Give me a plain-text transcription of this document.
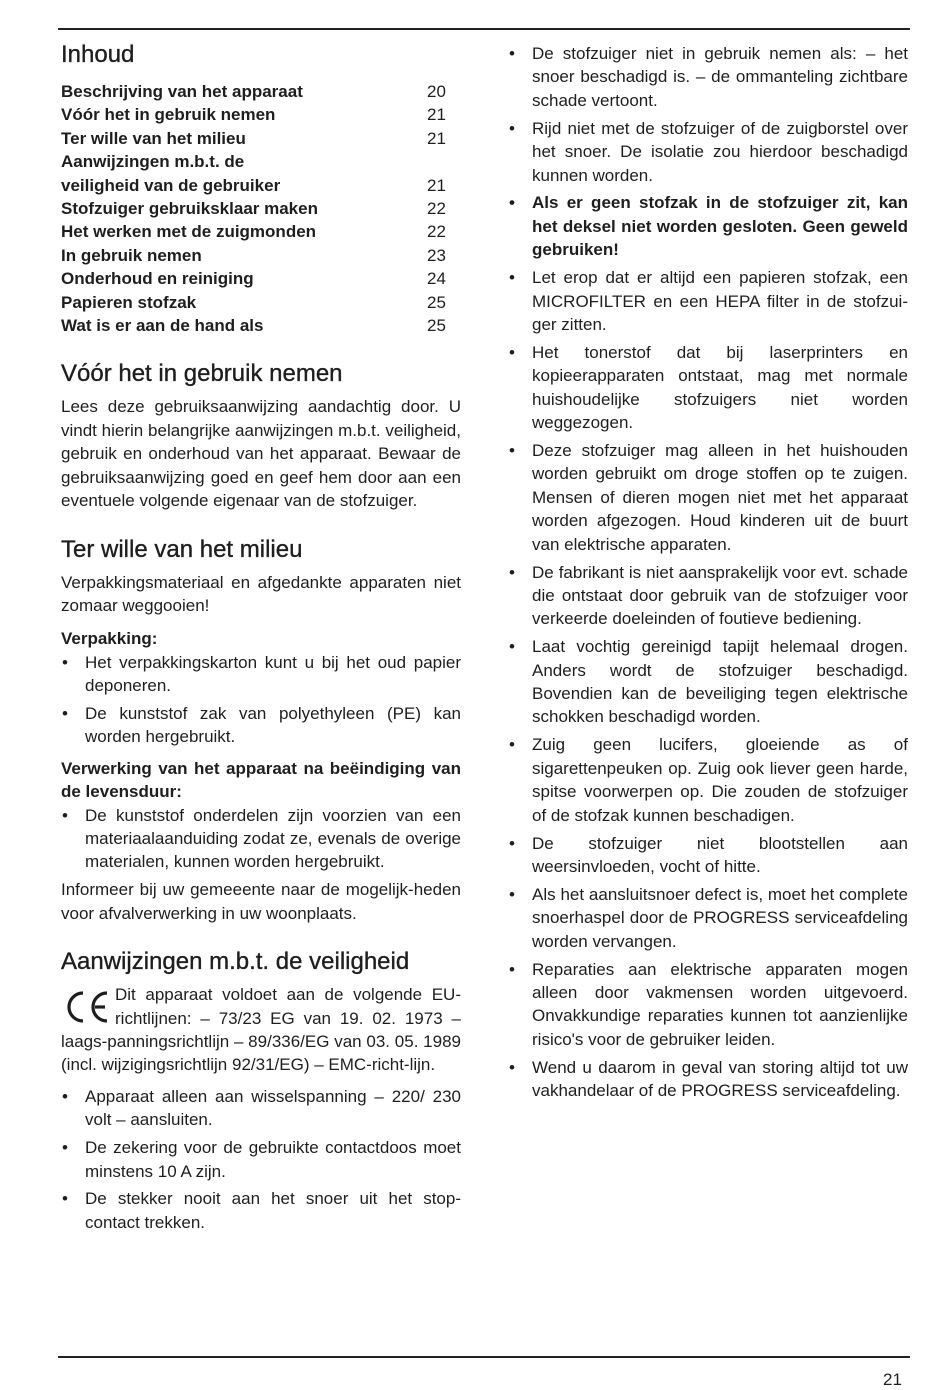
Inhoud
Beschrijving van het apparaat	20
Vóór het in gebruik nemen	21
Ter wille van het milieu	21
Aanwijzingen m.b.t. de
veiligheid van de gebruiker	21
Stofzuiger gebruiksklaar maken	22
Het werken met de zuigmonden	22
In gebruik nemen	23
Onderhoud en reiniging	24
Papieren stofzak	25
Wat is er aan de hand als	25
Vóór het in gebruik nemen

Lees deze gebruiksaanwijzing aandachtig door. U vindt hierin belangrijke aanwijzingen m.b.t. veiligheid, gebruik en onderhoud van het apparaat. Bewaar de gebruiksaanwijzing goed en geef hem door aan een eventuele volgende eigenaar van de stofzuiger.

Ter wille van het milieu

Verpakkingsmateriaal en afgedankte apparaten niet zomaar weggooien!

Verpakking:
• Het verpakkingskarton kunt u bij het oud papier deponeren.
• De kunststof zak van polyethyleen (PE) kan worden hergebruikt.
Verwerking van het apparaat na beëindiging van de levensduur:
• De kunststof onderdelen zijn voorzien van een materiaalaanduiding zodat ze, evenals de overige materialen, kunnen worden hergebruikt.

Informeer bij uw gemeeente naar de mogelijk-heden voor afvalverwerking in uw woonplaats.

Aanwijzingen m.b.t. de veiligheid

Dit apparaat voldoet aan de volgende EU-richtlijnen: – 73/23 EG van 19. 02. 1973 – laags-panningsrichtlijn – 89/336/EG van 03. 05. 1989 (incl. wijzigingsrichtlijn 92/31/EG) – EMC-richt-lijn.

• Apparaat alleen aan wisselspanning – 220/ 230 volt – aansluiten.
• De zekering voor de gebruikte contactdoos moet minstens 10 A zijn.
• De stekker nooit aan het snoer uit het stop-contact trekken.
• De stofzuiger niet in gebruik nemen als: – het snoer beschadigd is. – de ommanteling zichtbare schade vertoont.
• Rijd niet met de stofzuiger of de zuigborstel over het snoer. De isolatie zou hierdoor beschadigd kunnen worden.
• Als er geen stofzak in de stofzuiger zit, kan het deksel niet worden gesloten. Geen geweld gebruiken!
• Let erop dat er altijd een papieren stofzak, een MICROFILTER en een HEPA filter in de stofzui-ger zitten.
• Het tonerstof dat bij laserprinters en kopieerapparaten ontstaat, mag met normale huishoudelijke stofzuigers niet worden weggezogen.
• Deze stofzuiger mag alleen in het huishouden worden gebruikt om droge stoffen op te zuigen. Mensen of dieren mogen niet met het apparaat worden afgezogen. Houd kinderen uit de buurt van elektrische apparaten.
• De fabrikant is niet aansprakelijk voor evt. schade die ontstaat door gebruik van de stofzuiger voor verkeerde doeleinden of foutieve bediening.
• Laat vochtig gereinigd tapijt helemaal drogen. Anders wordt de stofzuiger beschadigd. Bovendien kan de beveiliging tegen elektrische schokken beschadigd worden.
• Zuig geen lucifers, gloeiende as of sigarettenpeuken op. Zuig ook liever geen harde, spitse voorwerpen op. Die zouden de stofzuiger of de stofzak kunnen beschadigen.
• De stofzuiger niet blootstellen aan weersinvloeden, vocht of hitte.
• Als het aansluitsnoer defect is, moet het complete snoerhaspel door de PROGRESS serviceafdeling worden vervangen.
• Reparaties aan elektrische apparaten mogen alleen door vakmensen worden uitgevoerd. Onvakkundige reparaties kunnen tot aanzienlijke risico's voor de gebruiker leiden.
• Wend u daarom in geval van storing altijd tot uw vakhandelaar of de PROGRESS serviceafdeling.
21
